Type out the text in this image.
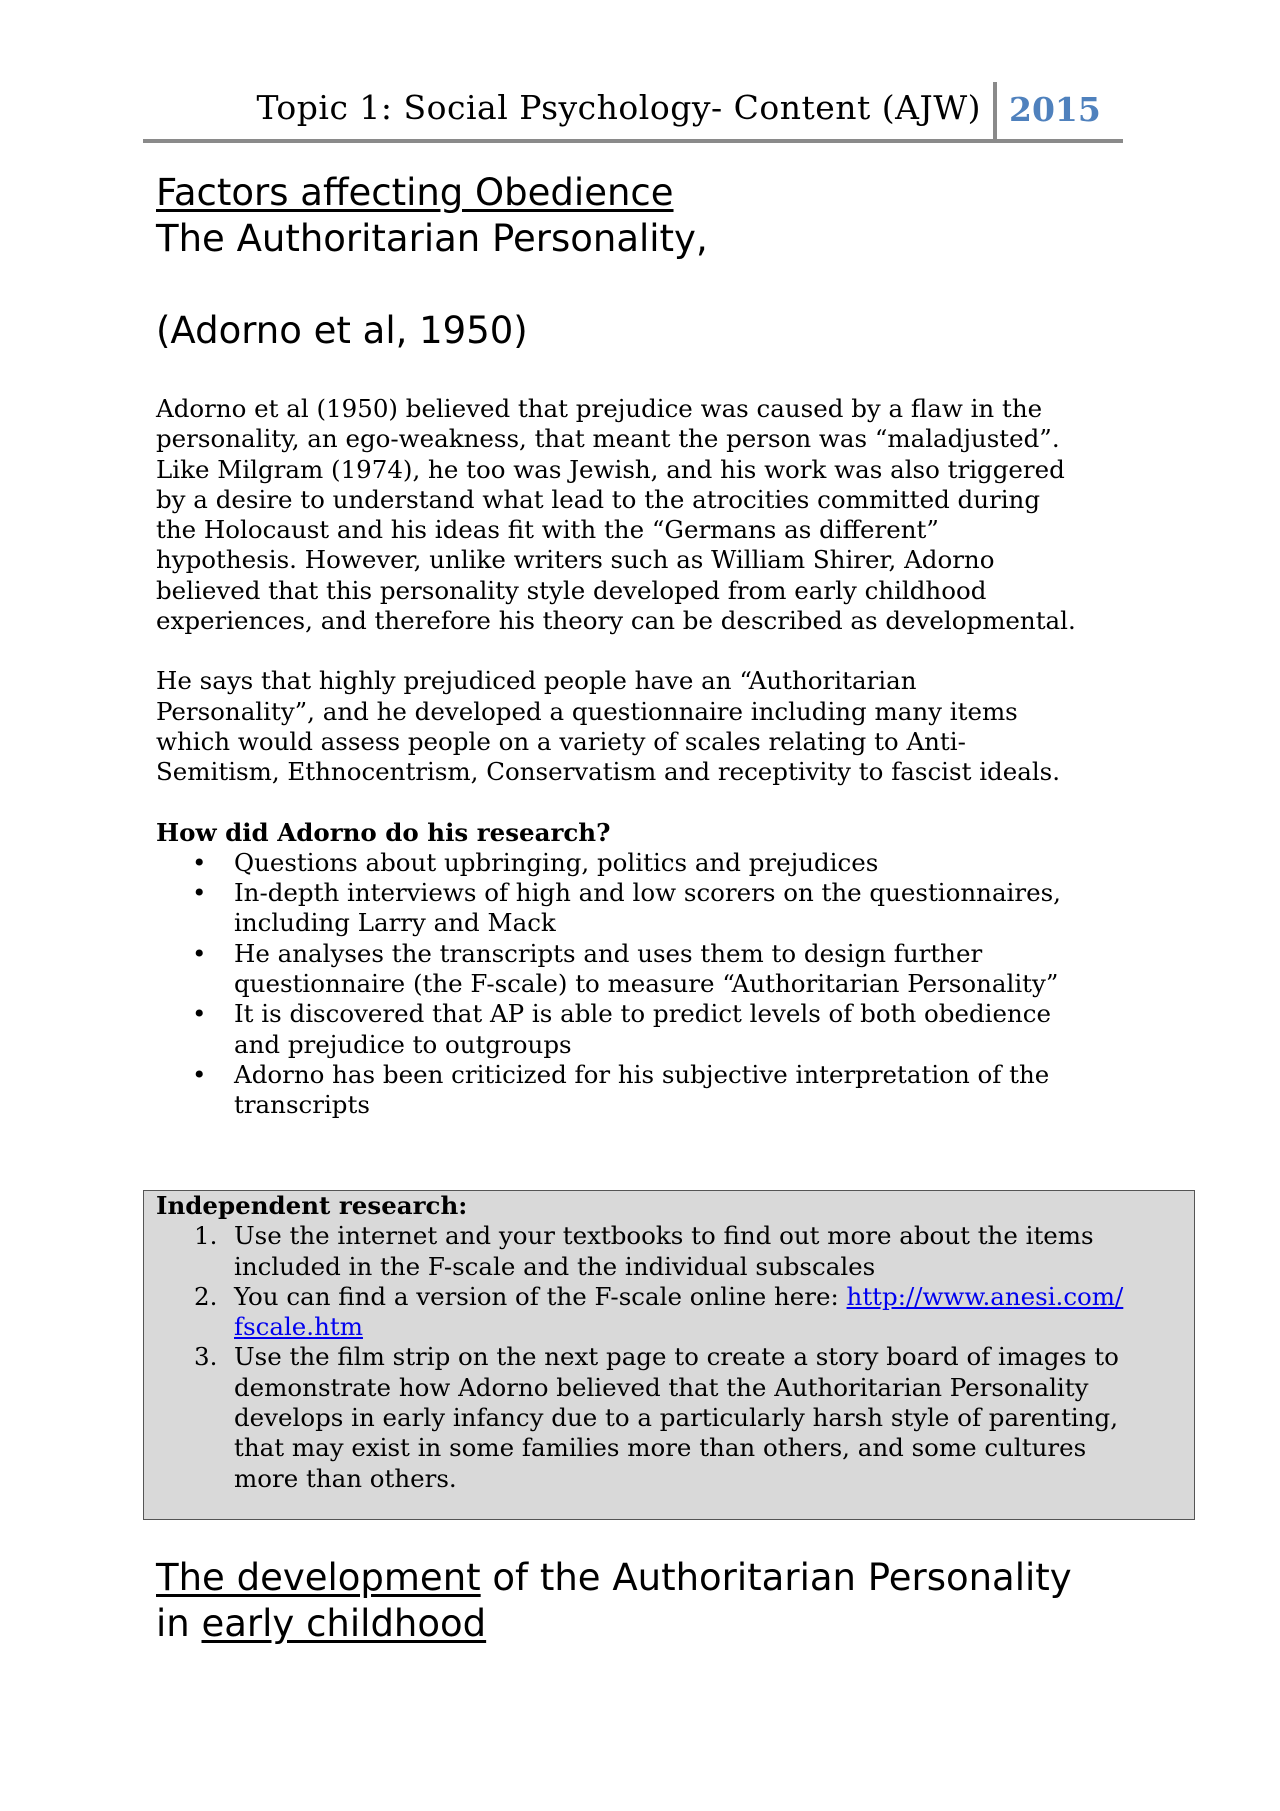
Topic 1: Social Psychology- Content (AJW) 2015
Factors affecting Obedience
The Authoritarian Personality,
(Adorno et al, 1950)
Adorno et al (1950) believed that prejudice was caused by a flaw in the
personality, an ego-weakness, that meant the person was “maladjusted”.
Like Milgram (1974), he too was Jewish, and his work was also triggered
by a desire to understand what lead to the atrocities committed during
the Holocaust and his ideas fit with the “Germans as different”
hypothesis. However, unlike writers such as William Shirer, Adorno
believed that this personality style developed from early childhood
experiences, and therefore his theory can be described as developmental.
He says that highly prejudiced people have an “Authoritarian
Personality”, and he developed a questionnaire including many items
which would assess people on a variety of scales relating to Anti-
Semitism, Ethnocentrism, Conservatism and receptivity to fascist ideals.
How did Adorno do his research?
• Questions about upbringing, politics and prejudices
• In-depth interviews of high and low scorers on the questionnaires,
including Larry and Mack
• He analyses the transcripts and uses them to design further
questionnaire (the F-scale) to measure “Authoritarian Personality”
• It is discovered that AP is able to predict levels of both obedience
and prejudice to outgroups
• Adorno has been criticized for his subjective interpretation of the
transcripts
Independent research:
1. Use the internet and your textbooks to find out more about the items
included in the F-scale and the individual subscales
2. You can find a version of the F-scale online here: http://www.anesi.com/
fscale.htm
3. Use the film strip on the next page to create a story board of images to
demonstrate how Adorno believed that the Authoritarian Personality
develops in early infancy due to a particularly harsh style of parenting,
that may exist in some families more than others, and some cultures
more than others.
The development of the Authoritarian Personality
in early childhood
